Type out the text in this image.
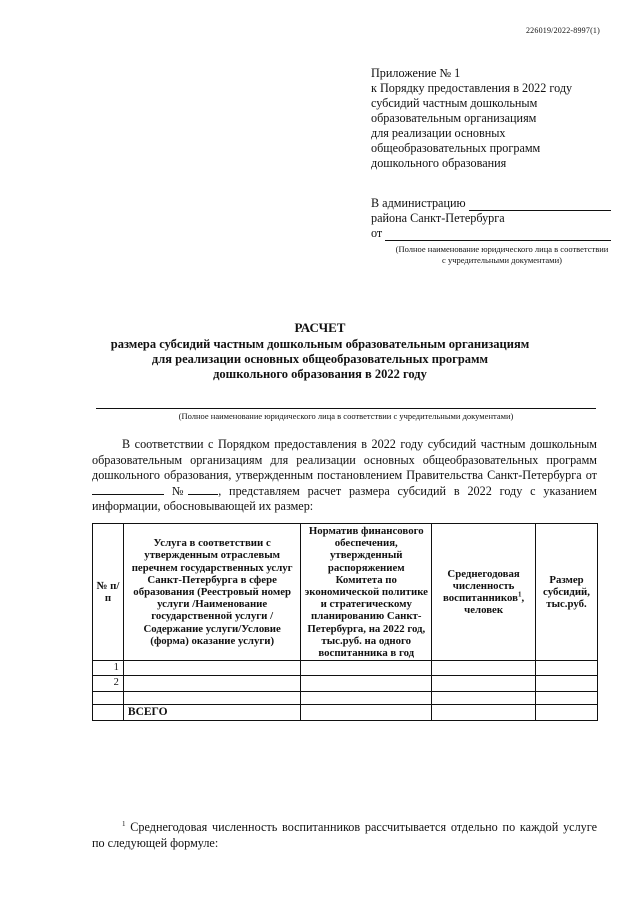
226019/2022-8997(1)
Приложение № 1
к Порядку предоставления в 2022 году
субсидий частным дошкольным
образовательным организациям
для реализации основных
общеобразовательных программ
дошкольного образования
В администрацию
района Санкт-Петербурга
от
(Полное наименование юридического лица в соответствии с учредительными документами)
РАСЧЕТ
размера субсидий частным дошкольным образовательным организациям
для реализации основных общеобразовательных программ
дошкольного образования в 2022 году
(Полное наименование юридического лица в соответствии с учредительными документами)

В соответствии с Порядком предоставления в 2022 году субсидий частным дошкольным образовательным организациям для реализации основных общеобразовательных программ дошкольного образования, утвержденным постановлением Правительства Санкт-Петербурга от  № , представляем расчет размера субсидий в 2022 году с указанием информации, обосновывающей их размер:

№ п/п	Услуга в соответствии с утвержденным отраслевым перечнем государственных услуг Санкт-Петербурга в сфере образования (Реестровый номер услуги /Наименование государственной услуги /Содержание услуги/Условие (форма) оказание услуги)	Норматив финансового обеспечения, утвержденный распоряжением Комитета по экономической политике и стратегическому планированию Санкт-Петербурга, на 2022 год, тыс.руб. на одного воспитанника в год	Среднегодовая численность воспитанников$^1$, человек	Размер субсидий, тыс.руб.
1				
2				

	ВСЕГО			

$^1$ Среднегодовая численность воспитанников рассчитывается отдельно по каждой услуге по следующей формуле:
